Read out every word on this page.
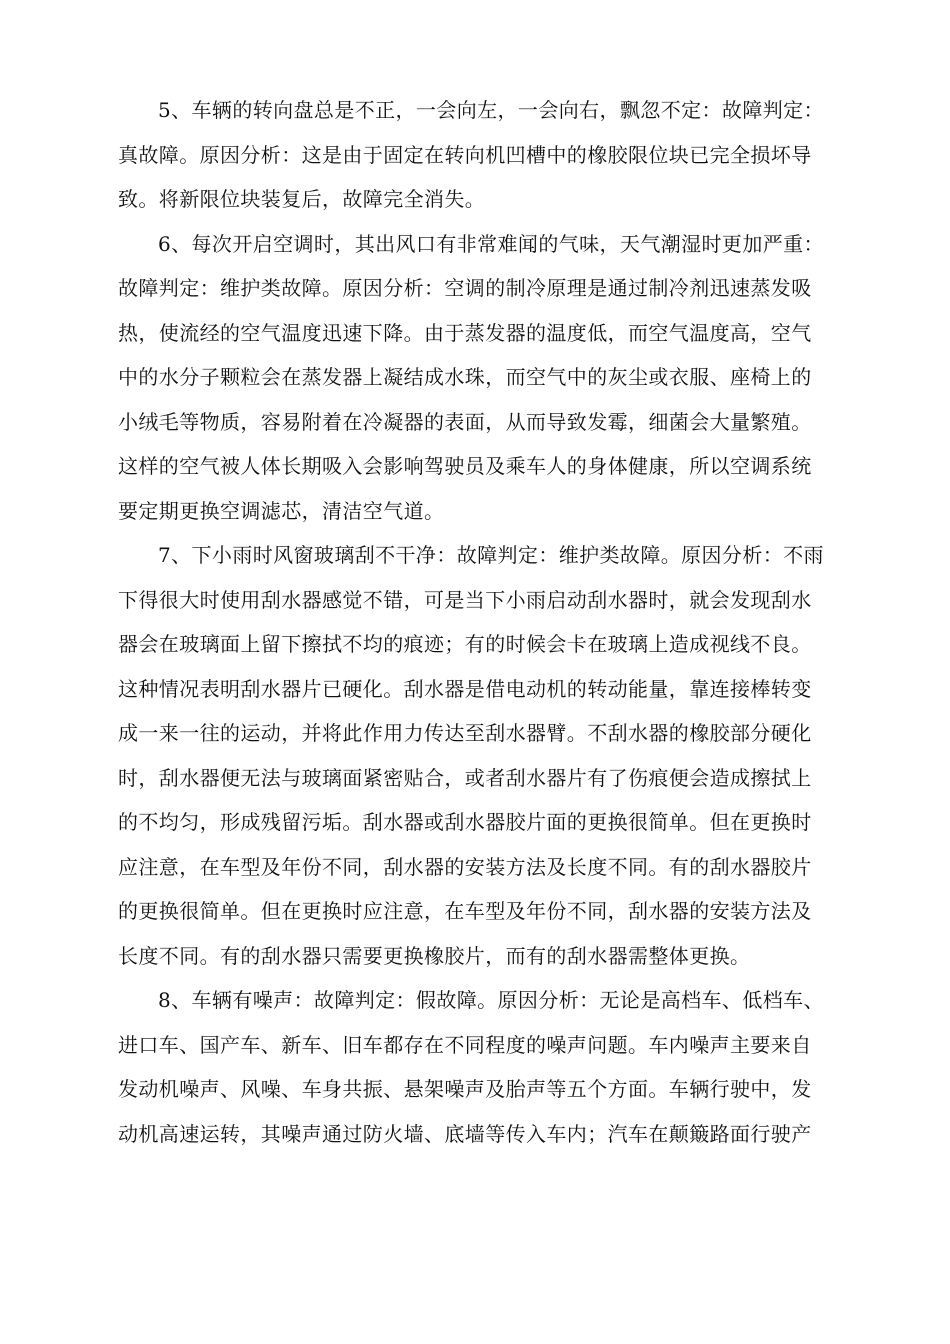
5、车辆的转向盘总是不正，一会向左，一会向右，飘忽不定：故障判定：
真故障。原因分析：这是由于固定在转向机凹槽中的橡胶限位块已完全损坏导
致。将新限位块装复后，故障完全消失。
6、每次开启空调时，其出风口有非常难闻的气味，天气潮湿时更加严重：
故障判定：维护类故障。原因分析：空调的制冷原理是通过制冷剂迅速蒸发吸
热，使流经的空气温度迅速下降。由于蒸发器的温度低，而空气温度高，空气
中的水分子颗粒会在蒸发器上凝结成水珠，而空气中的灰尘或衣服、座椅上的
小绒毛等物质，容易附着在冷凝器的表面，从而导致发霉，细菌会大量繁殖。
这样的空气被人体长期吸入会影响驾驶员及乘车人的身体健康，所以空调系统
要定期更换空调滤芯，清洁空气道。
7、下小雨时风窗玻璃刮不干净：故障判定：维护类故障。原因分析：不雨
下得很大时使用刮水器感觉不错，可是当下小雨启动刮水器时，就会发现刮水
器会在玻璃面上留下擦拭不均的痕迹；有的时候会卡在玻璃上造成视线不良。
这种情况表明刮水器片已硬化。刮水器是借电动机的转动能量，靠连接棒转变
成一来一往的运动，并将此作用力传达至刮水器臂。不刮水器的橡胶部分硬化
时，刮水器便无法与玻璃面紧密贴合，或者刮水器片有了伤痕便会造成擦拭上
的不均匀，形成残留污垢。刮水器或刮水器胶片面的更换很简单。但在更换时
应注意，在车型及年份不同，刮水器的安装方法及长度不同。有的刮水器胶片
的更换很简单。但在更换时应注意，在车型及年份不同，刮水器的安装方法及
长度不同。有的刮水器只需要更换橡胶片，而有的刮水器需整体更换。
8、车辆有噪声：故障判定：假故障。原因分析：无论是高档车、低档车、
进口车、国产车、新车、旧车都存在不同程度的噪声问题。车内噪声主要来自
发动机噪声、风噪、车身共振、悬架噪声及胎声等五个方面。车辆行驶中，发
动机高速运转，其噪声通过防火墙、底墙等传入车内；汽车在颠簸路面行驶产
